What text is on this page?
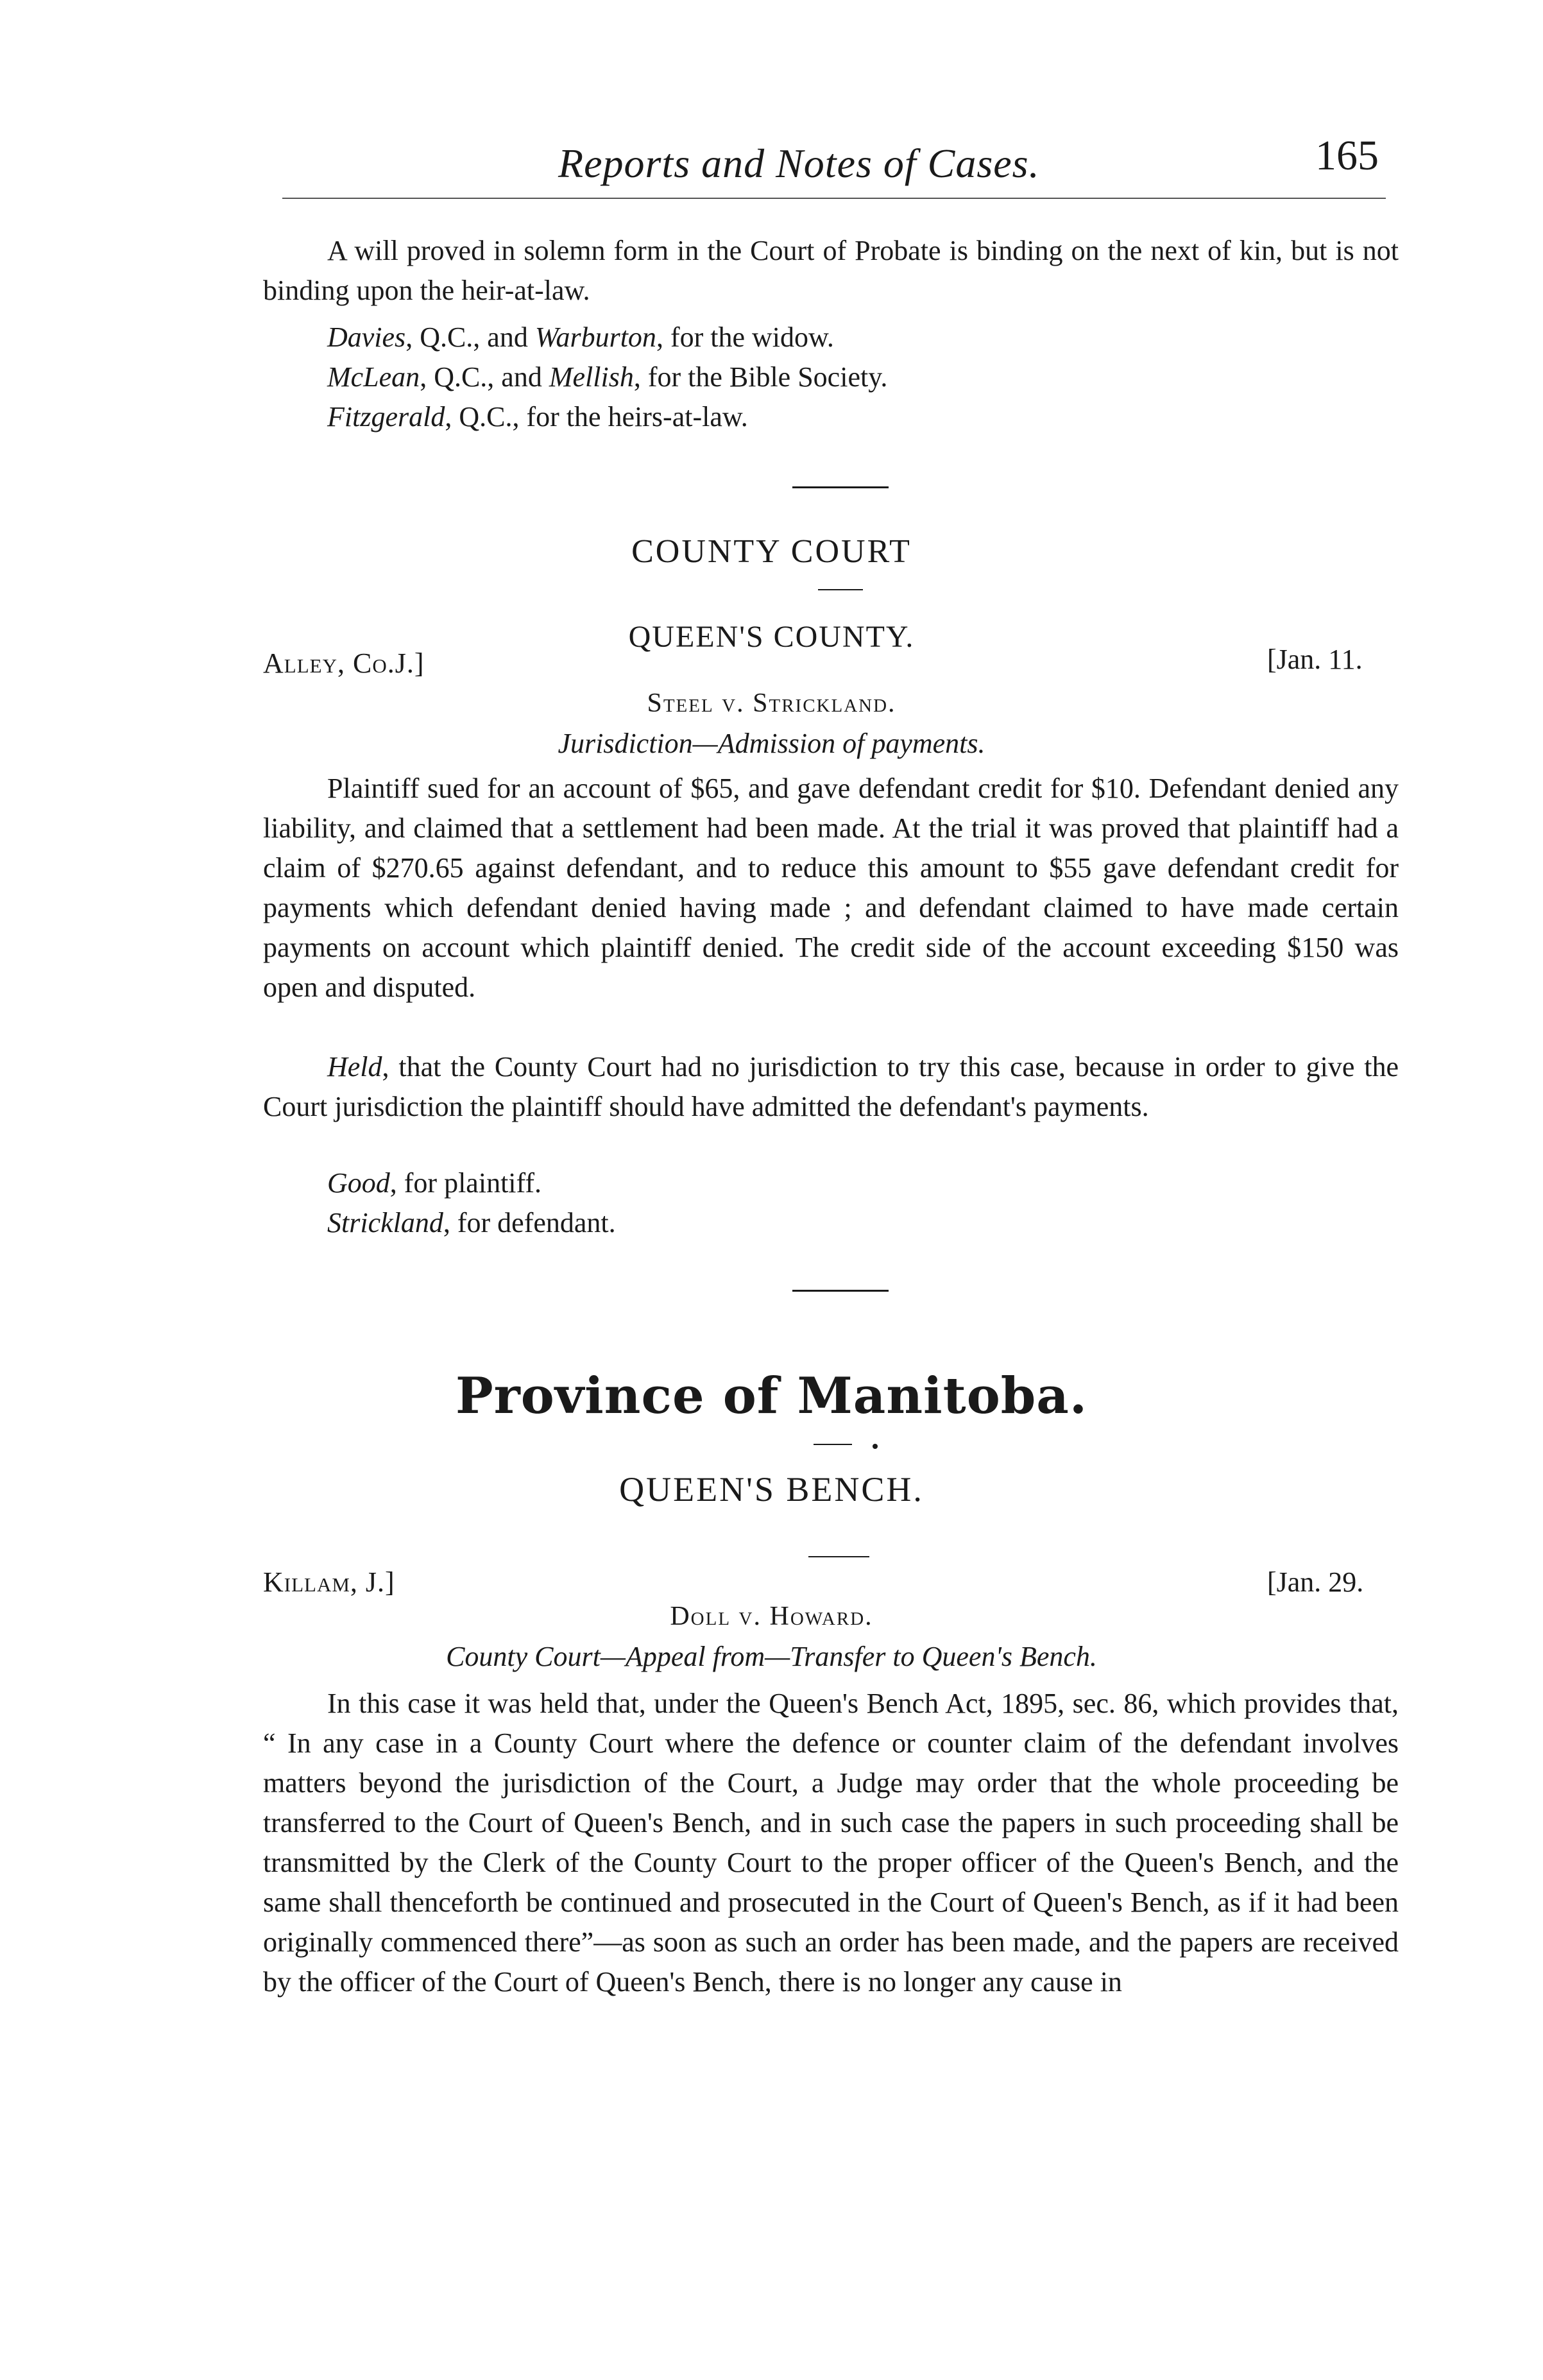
Reports and Notes of Cases.	165
A will proved in solemn form in the Court of Probate is binding on the next of kin, but is not binding upon the heir-at-law.
Davies, Q.C., and Warburton, for the widow.
McLean, Q.C., and Mellish, for the Bible Society.
Fitzgerald, Q.C., for the heirs-at-law.
COUNTY COURT
QUEEN'S COUNTY.
Alley, Co.J.]	[Jan. 11.
Steel v. Strickland.
Jurisdiction—Admission of payments.
Plaintiff sued for an account of $65, and gave defendant credit for $10. Defendant denied any liability, and claimed that a settlement had been made. At the trial it was proved that plaintiff had a claim of $270.65 against defendant, and to reduce this amount to $55 gave defendant credit for payments which defendant denied having made ; and defendant claimed to have made certain payments on account which plaintiff denied. The credit side of the account exceeding $150 was open and disputed.
Held, that the County Court had no jurisdiction to try this case, because in order to give the Court jurisdiction the plaintiff should have admitted the defendant's payments.
Good, for plaintiff.
Strickland, for defendant.
Province of Manitoba.
QUEEN'S BENCH.
Killam, J.]	[Jan. 29.
Doll v. Howard.
County Court—Appeal from—Transfer to Queen's Bench.
In this case it was held that, under the Queen's Bench Act, 1895, sec. 86, which provides that, “ In any case in a County Court where the defence or counter claim of the defendant involves matters beyond the jurisdiction of the Court, a Judge may order that the whole proceeding be transferred to the Court of Queen's Bench, and in such case the papers in such proceeding shall be transmitted by the Clerk of the County Court to the proper officer of the Queen's Bench, and the same shall thenceforth be continued and prosecuted in the Court of Queen's Bench, as if it had been originally commenced there”—as soon as such an order has been made, and the papers are received by the officer of the Court of Queen's Bench, there is no longer any cause in
